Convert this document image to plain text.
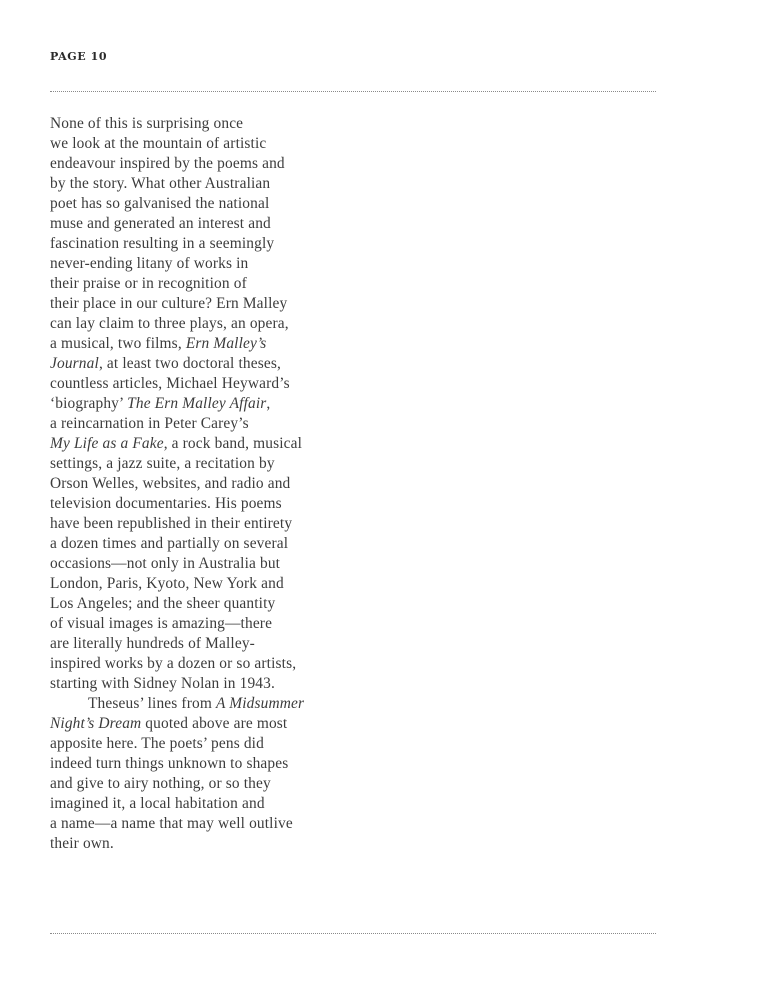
PAGE 10
None of this is surprising once
we look at the mountain of artistic
endeavour inspired by the poems and
by the story. What other Australian
poet has so galvanised the national
muse and generated an interest and
fascination resulting in a seemingly
never-ending litany of works in
their praise or in recognition of
their place in our culture? Ern Malley
can lay claim to three plays, an opera,
a musical, two films, Ern Malley’s
Journal, at least two doctoral theses,
countless articles, Michael Heyward’s
‘biography’ The Ern Malley Affair,
a reincarnation in Peter Carey’s
My Life as a Fake, a rock band, musical
settings, a jazz suite, a recitation by
Orson Welles, websites, and radio and
television documentaries. His poems
have been republished in their entirety
a dozen times and partially on several
occasions—not only in Australia but
London, Paris, Kyoto, New York and
Los Angeles; and the sheer quantity
of visual images is amazing—there
are literally hundreds of Malley-
inspired works by a dozen or so artists,
starting with Sidney Nolan in 1943.
Theseus’ lines from A Midsummer
Night’s Dream quoted above are most
apposite here. The poets’ pens did
indeed turn things unknown to shapes
and give to airy nothing, or so they
imagined it, a local habitation and
a name—a name that may well outlive
their own.
